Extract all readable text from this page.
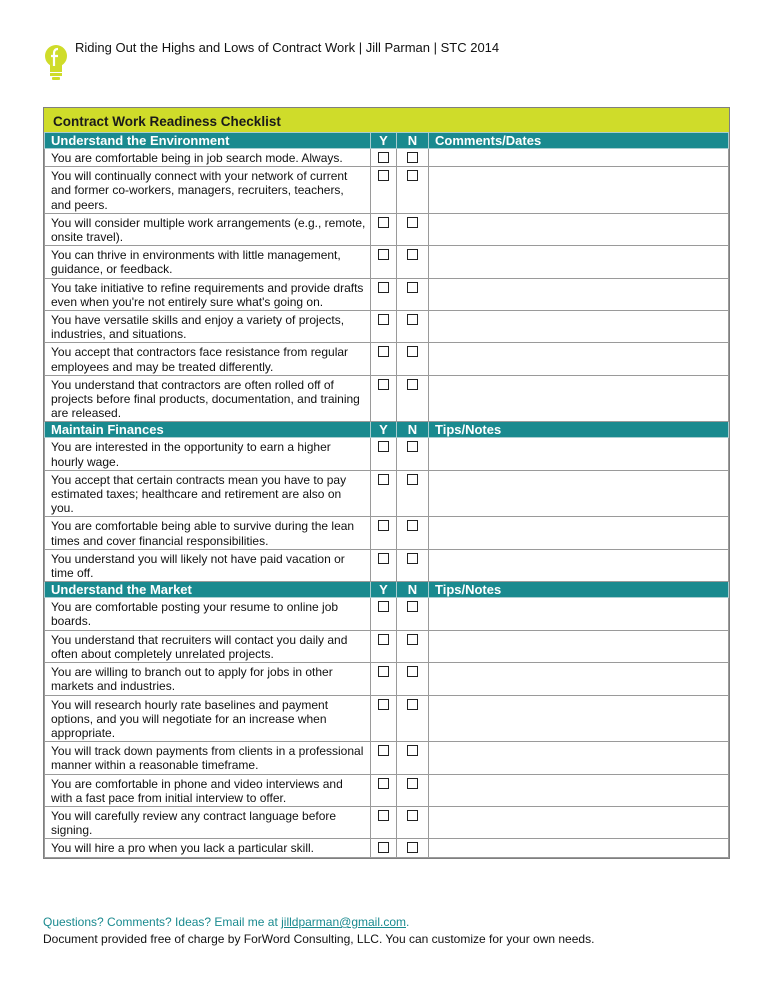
Riding Out the Highs and Lows of Contract Work | Jill Parman | STC 2014
Contract Work Readiness Checklist
Understand the Environment	Y	N	Comments/Dates
You are comfortable being in job search mode. Always.			
You will continually connect with your network of current and former co-workers, managers, recruiters, teachers, and peers.			
You will consider multiple work arrangements (e.g., remote, onsite travel).			
You can thrive in environments with little management, guidance, or feedback.			
You take initiative to refine requirements and provide drafts even when you're not entirely sure what's going on.			
You have versatile skills and enjoy a variety of projects, industries, and situations.			
You accept that contractors face resistance from regular employees and may be treated differently.			
You understand that contractors are often rolled off of projects before final products, documentation, and training are released.			
Maintain Finances	Y	N	Tips/Notes
You are interested in the opportunity to earn a higher hourly wage.			
You accept that certain contracts mean you have to pay estimated taxes; healthcare and retirement are also on you.			
You are comfortable being able to survive during the lean times and cover financial responsibilities.			
You understand you will likely not have paid vacation or time off.			
Understand the Market	Y	N	Tips/Notes
You are comfortable posting your resume to online job boards.			
You understand that recruiters will contact you daily and often about completely unrelated projects.			
You are willing to branch out to apply for jobs in other markets and industries.			
You will research hourly rate baselines and payment options, and you will negotiate for an increase when appropriate.			
You will track down payments from clients in a professional manner within a reasonable timeframe.			
You are comfortable in phone and video interviews and with a fast pace from initial interview to offer.			
You will carefully review any contract language before signing.			
You will hire a pro when you lack a particular skill.			
Questions? Comments? Ideas? Email me at jilldparman@gmail.com.
Document provided free of charge by ForWord Consulting, LLC. You can customize for your own needs.
